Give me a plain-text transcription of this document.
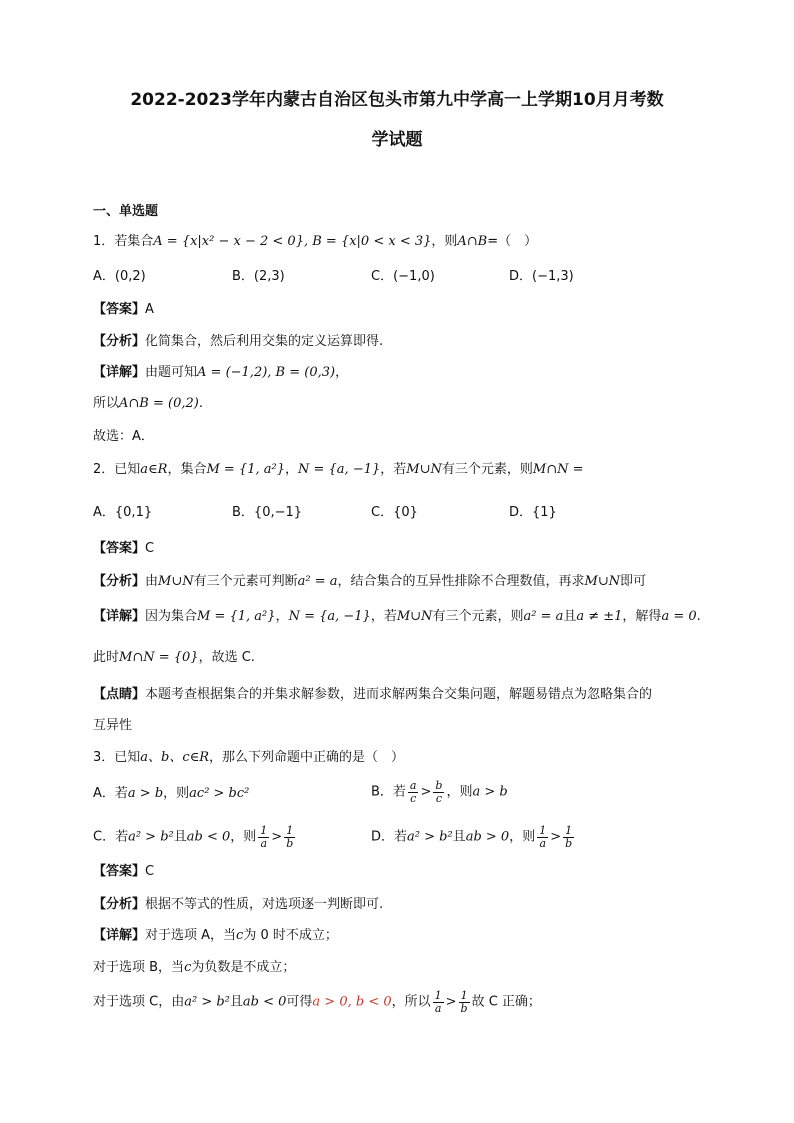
2022-2023学年内蒙古自治区包头市第九中学高一上学期10月月考数
学试题
一、单选题
1．若集合A = {x|x² − x − 2 < 0}, B = {x|0 < x < 3}，则A∩B=（　）
A．(0,2)	B．(2,3)	C．(−1,0)	D．(−1,3)
【答案】A
【分析】化简集合，然后利用交集的定义运算即得.
【详解】由题可知A = (−1,2), B = (0,3)，
所以A∩B = (0,2).
故选：A．
2．已知a∈R，集合M = {1, a²}，N = {a, −1}，若M∪N有三个元素，则M∩N =
A．{0,1}	B．{0,−1}	C．{0}	D．{1}
【答案】C
【分析】由M∪N有三个元素可判断a² = a，结合集合的互异性排除不合理数值，再求M∪N即可
【详解】因为集合M = {1, a²}，N = {a, −1}，若M∪N有三个元素，则a² = a且a ≠ ±1，解得a = 0.
此时M∩N = {0}，故选 C.
【点睛】本题考查根据集合的并集求解参数，进而求解两集合交集问题，解题易错点为忽略集合的
互异性
3．已知a、b、c∈R，那么下列命题中正确的是（　）
A．若a > b，则ac² > bc²	B．若 $\frac{a}{c} > \frac{b}{c}$ ，则a > b
C．若a² > b²且ab < 0，则 $\frac{1}{a} > \frac{1}{b}$	D．若a² > b²且ab > 0，则 $\frac{1}{a} > \frac{1}{b}$
【答案】C
【分析】根据不等式的性质，对选项逐一判断即可.
【详解】对于选项 A，当c为 0 时不成立；
对于选项 B，当c为负数是不成立；
对于选项 C，由a² > b²且ab < 0可得a > 0, b < 0，所以 $\frac{1}{a} > \frac{1}{b}$ 故 C 正确；
